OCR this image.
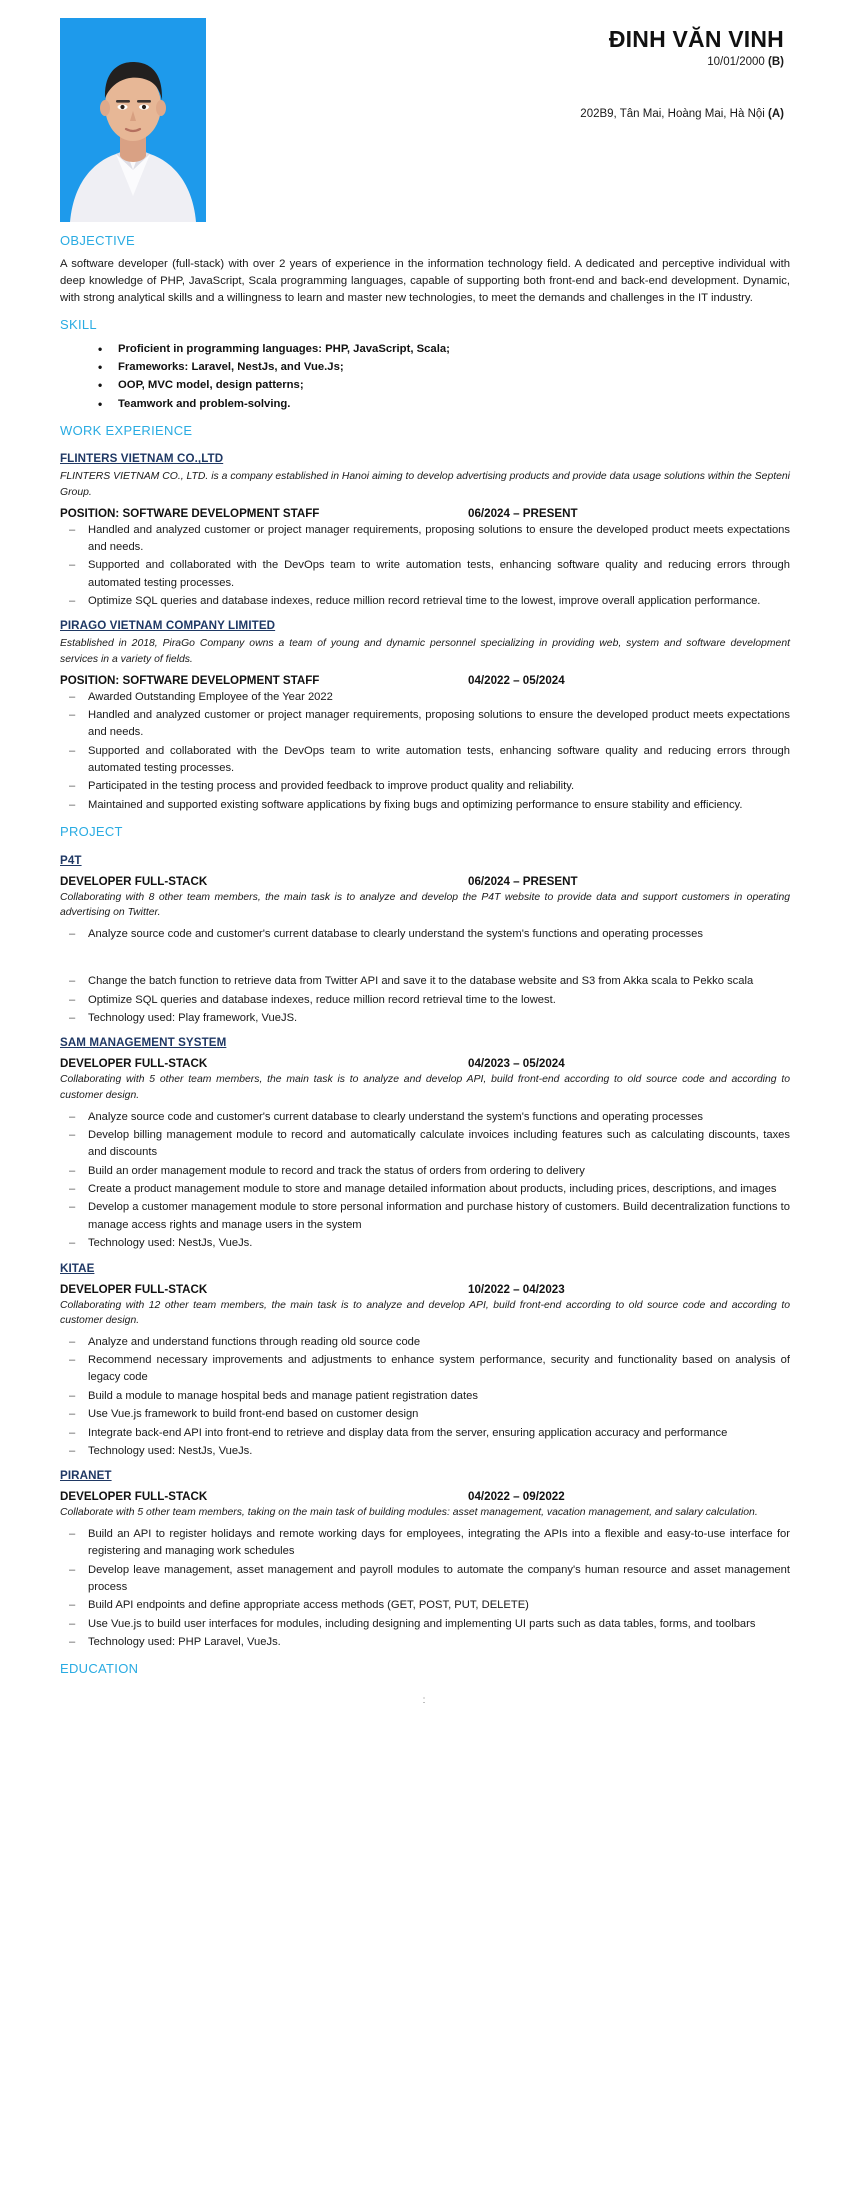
ĐINH VĂN VINH
10/01/2000 (B)
202B9, Tân Mai, Hoàng Mai, Hà Nội (A)
OBJECTIVE

A software developer (full-stack) with over 2 years of experience in the information technology field. A dedicated and perceptive individual with deep knowledge of PHP, JavaScript, Scala programming languages, capable of supporting both front-end and back-end development. Dynamic, with strong analytical skills and a willingness to learn and master new technologies, to meet the demands and challenges in the IT industry.

SKILL
• Proficient in programming languages: PHP, JavaScript, Scala;
• Frameworks: Laravel, NestJs, and Vue.Js;
• OOP, MVC model, design patterns;
• Teamwork and problem-solving.
WORK EXPERIENCE
FLINTERS VIETNAM CO.,LTD

FLINTERS VIETNAM CO., LTD. is a company established in Hanoi aiming to develop advertising products and provide data usage solutions within the Septeni Group.

POSITION: SOFTWARE DEVELOPMENT STAFF	06/2024 – PRESENT
– Handled and analyzed customer or project manager requirements, proposing solutions to ensure the developed product meets expectations and needs.
– Supported and collaborated with the DevOps team to write automation tests, enhancing software quality and reducing errors through automated testing processes.
– Optimize SQL queries and database indexes, reduce million record retrieval time to the lowest, improve overall application performance.
PIRAGO VIETNAM COMPANY LIMITED

Established in 2018, PiraGo Company owns a team of young and dynamic personnel specializing in providing web, system and software development services in a variety of fields.

POSITION: SOFTWARE DEVELOPMENT STAFF	04/2022 – 05/2024
– Awarded Outstanding Employee of the Year 2022
– Handled and analyzed customer or project manager requirements, proposing solutions to ensure the developed product meets expectations and needs.
– Supported and collaborated with the DevOps team to write automation tests, enhancing software quality and reducing errors through automated testing processes.
– Participated in the testing process and provided feedback to improve product quality and reliability.
– Maintained and supported existing software applications by fixing bugs and optimizing performance to ensure stability and efficiency.
PROJECT
P4T
DEVELOPER FULL-STACK	06/2024 – PRESENT

Collaborating with 8 other team members, the main task is to analyze and develop the P4T website to provide data and support customers in operating advertising on Twitter.

– Analyze source code and customer's current database to clearly understand the system's functions and operating processes
– Change the batch function to retrieve data from Twitter API and save it to the database website and S3 from Akka scala to Pekko scala
– Optimize SQL queries and database indexes, reduce million record retrieval time to the lowest.
– Technology used: Play framework, VueJS.
SAM MANAGEMENT SYSTEM
DEVELOPER FULL-STACK	04/2023 – 05/2024

Collaborating with 5 other team members, the main task is to analyze and develop API, build front-end according to old source code and according to customer design.

– Analyze source code and customer's current database to clearly understand the system's functions and operating processes
– Develop billing management module to record and automatically calculate invoices including features such as calculating discounts, taxes and discounts
– Build an order management module to record and track the status of orders from ordering to delivery
– Create a product management module to store and manage detailed information about products, including prices, descriptions, and images
– Develop a customer management module to store personal information and purchase history of customers. Build decentralization functions to manage access rights and manage users in the system
– Technology used: NestJs, VueJs.
KITAE
DEVELOPER FULL-STACK	10/2022 – 04/2023

Collaborating with 12 other team members, the main task is to analyze and develop API, build front-end according to old source code and according to customer design.

– Analyze and understand functions through reading old source code
– Recommend necessary improvements and adjustments to enhance system performance, security and functionality based on analysis of legacy code
– Build a module to manage hospital beds and manage patient registration dates
– Use Vue.js framework to build front-end based on customer design
– Integrate back-end API into front-end to retrieve and display data from the server, ensuring application accuracy and performance
– Technology used: NestJs, VueJs.
PIRANET
DEVELOPER FULL-STACK	04/2022 – 09/2022

Collaborate with 5 other team members, taking on the main task of building modules: asset management, vacation management, and salary calculation.

– Build an API to register holidays and remote working days for employees, integrating the APIs into a flexible and easy-to-use interface for registering and managing work schedules
– Develop leave management, asset management and payroll modules to automate the company's human resource and asset management process
– Build API endpoints and define appropriate access methods (GET, POST, PUT, DELETE)
– Use Vue.js to build user interfaces for modules, including designing and implementing UI parts such as data tables, forms, and toolbars
– Technology used: PHP Laravel, VueJs.
EDUCATION
:
